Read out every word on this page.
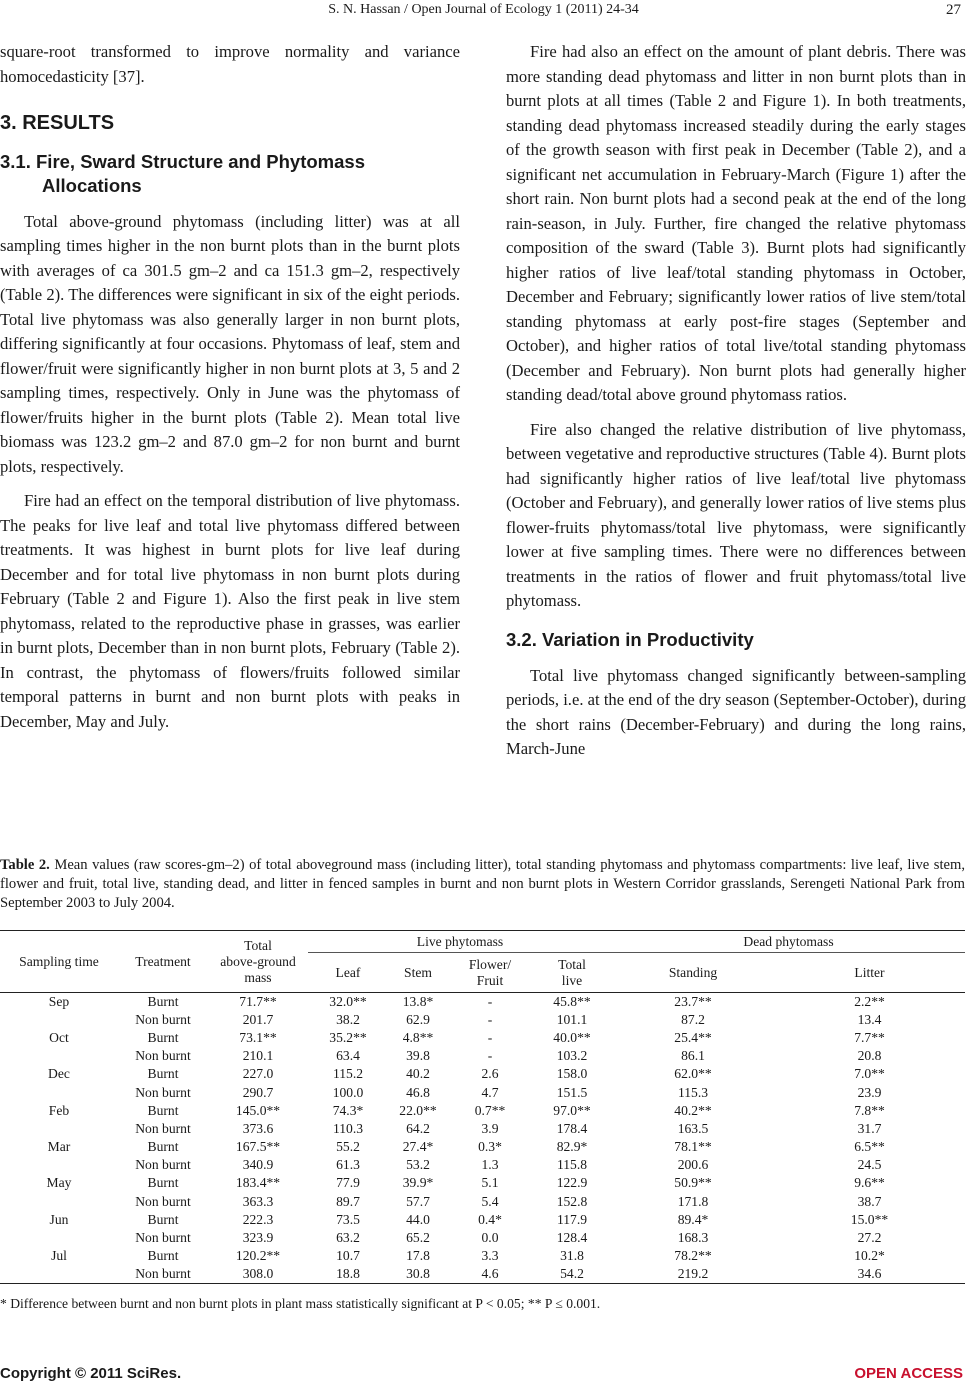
S. N. Hassan / Open Journal of Ecology 1 (2011) 24-34	27

square-root transformed to improve normality and variance homocedasticity [37].

3. RESULTS
3.1. Fire, Sward Structure and Phytomass Allocations

Total above-ground phytomass (including litter) was at all sampling times higher in the non burnt plots than in the burnt plots with averages of ca 301.5 gm–2 and ca 151.3 gm–2, respectively (Table 2). The differences were significant in six of the eight periods. Total live phytomass was also generally larger in non burnt plots, differing significantly at four occasions. Phytomass of leaf, stem and flower/fruit were significantly higher in non burnt plots at 3, 5 and 2 sampling times, respectively. Only in June was the phytomass of flower/fruits higher in the burnt plots (Table 2). Mean total live biomass was 123.2 gm–2 and 87.0 gm–2 for non burnt and burnt plots, respectively.

Fire had an effect on the temporal distribution of live phytomass. The peaks for live leaf and total live phytomass differed between treatments. It was highest in burnt plots for live leaf during December and for total live phytomass in non burnt plots during February (Table 2 and Figure 1). Also the first peak in live stem phytomass, related to the reproductive phase in grasses, was earlier in burnt plots, December than in non burnt plots, February (Table 2). In contrast, the phytomass of flowers/fruits followed similar temporal patterns in burnt and non burnt plots with peaks in December, May and July.

Fire had also an effect on the amount of plant debris. There was more standing dead phytomass and litter in non burnt plots than in burnt plots at all times (Table 2 and Figure 1). In both treatments, standing dead phytomass increased steadily during the early stages of the growth season with first peak in December (Table 2), and a significant net accumulation in February-March (Figure 1) after the short rain. Non burnt plots had a second peak at the end of the long rain-season, in July. Further, fire changed the relative phytomass composition of the sward (Table 3). Burnt plots had significantly higher ratios of live leaf/total standing phytomass in October, December and February; significantly lower ratios of live stem/total standing phytomass at early post-fire stages (September and October), and higher ratios of total live/total standing phytomass (December and February). Non burnt plots had generally higher standing dead/total above ground phytomass ratios.

Fire also changed the relative distribution of live phytomass, between vegetative and reproductive structures (Table 4). Burnt plots had significantly higher ratios of live leaf/total live phytomass (October and February), and generally lower ratios of live stems plus flower-fruits phytomass/total live phytomass, were significantly lower at five sampling times. There were no differences between treatments in the ratios of flower and fruit phytomass/total live phytomass.

3.2. Variation in Productivity

Total live phytomass changed significantly between-sampling periods, i.e. at the end of the dry season (September-October), during the short rains (December-February) and during the long rains, March-June

Table 2. Mean values (raw scores-gm–2) of total aboveground mass (including litter), total standing phytomass and phytomass compartments: live leaf, live stem, flower and fruit, total live, standing dead, and litter in fenced samples in burnt and non burnt plots in Western Corridor grasslands, Serengeti National Park from September 2003 to July 2004.
Sampling time	Treatment	Total
above-ground
mass	Live phytomass				Dead phytomass	
			Leaf	Stem	Flower/
Fruit	Total
live	Standing	Litter
Sep	Burnt	71.7**	32.0**	13.8*	-	45.8**	23.7**	2.2**
	Non burnt	201.7	38.2	62.9	-	101.1	87.2	13.4
Oct	Burnt	73.1**	35.2**	4.8**	-	40.0**	25.4**	7.7**
	Non burnt	210.1	63.4	39.8	-	103.2	86.1	20.8
Dec	Burnt	227.0	115.2	40.2	2.6	158.0	62.0**	7.0**
	Non burnt	290.7	100.0	46.8	4.7	151.5	115.3	23.9
Feb	Burnt	145.0**	74.3*	22.0**	0.7**	97.0**	40.2**	7.8**
	Non burnt	373.6	110.3	64.2	3.9	178.4	163.5	31.7
Mar	Burnt	167.5**	55.2	27.4*	0.3*	82.9*	78.1**	6.5**
	Non burnt	340.9	61.3	53.2	1.3	115.8	200.6	24.5
May	Burnt	183.4**	77.9	39.9*	5.1	122.9	50.9**	9.6**
	Non burnt	363.3	89.7	57.7	5.4	152.8	171.8	38.7
Jun	Burnt	222.3	73.5	44.0	0.4*	117.9	89.4*	15.0**
	Non burnt	323.9	63.2	65.2	0.0	128.4	168.3	27.2
Jul	Burnt	120.2**	10.7	17.8	3.3	31.8	78.2**	10.2*
	Non burnt	308.0	18.8	30.8	4.6	54.2	219.2	34.6
* Difference between burnt and non burnt plots in plant mass statistically significant at P < 0.05; ** P ≤ 0.001.
Copyright © 2011 SciRes.	OPEN ACCESS
